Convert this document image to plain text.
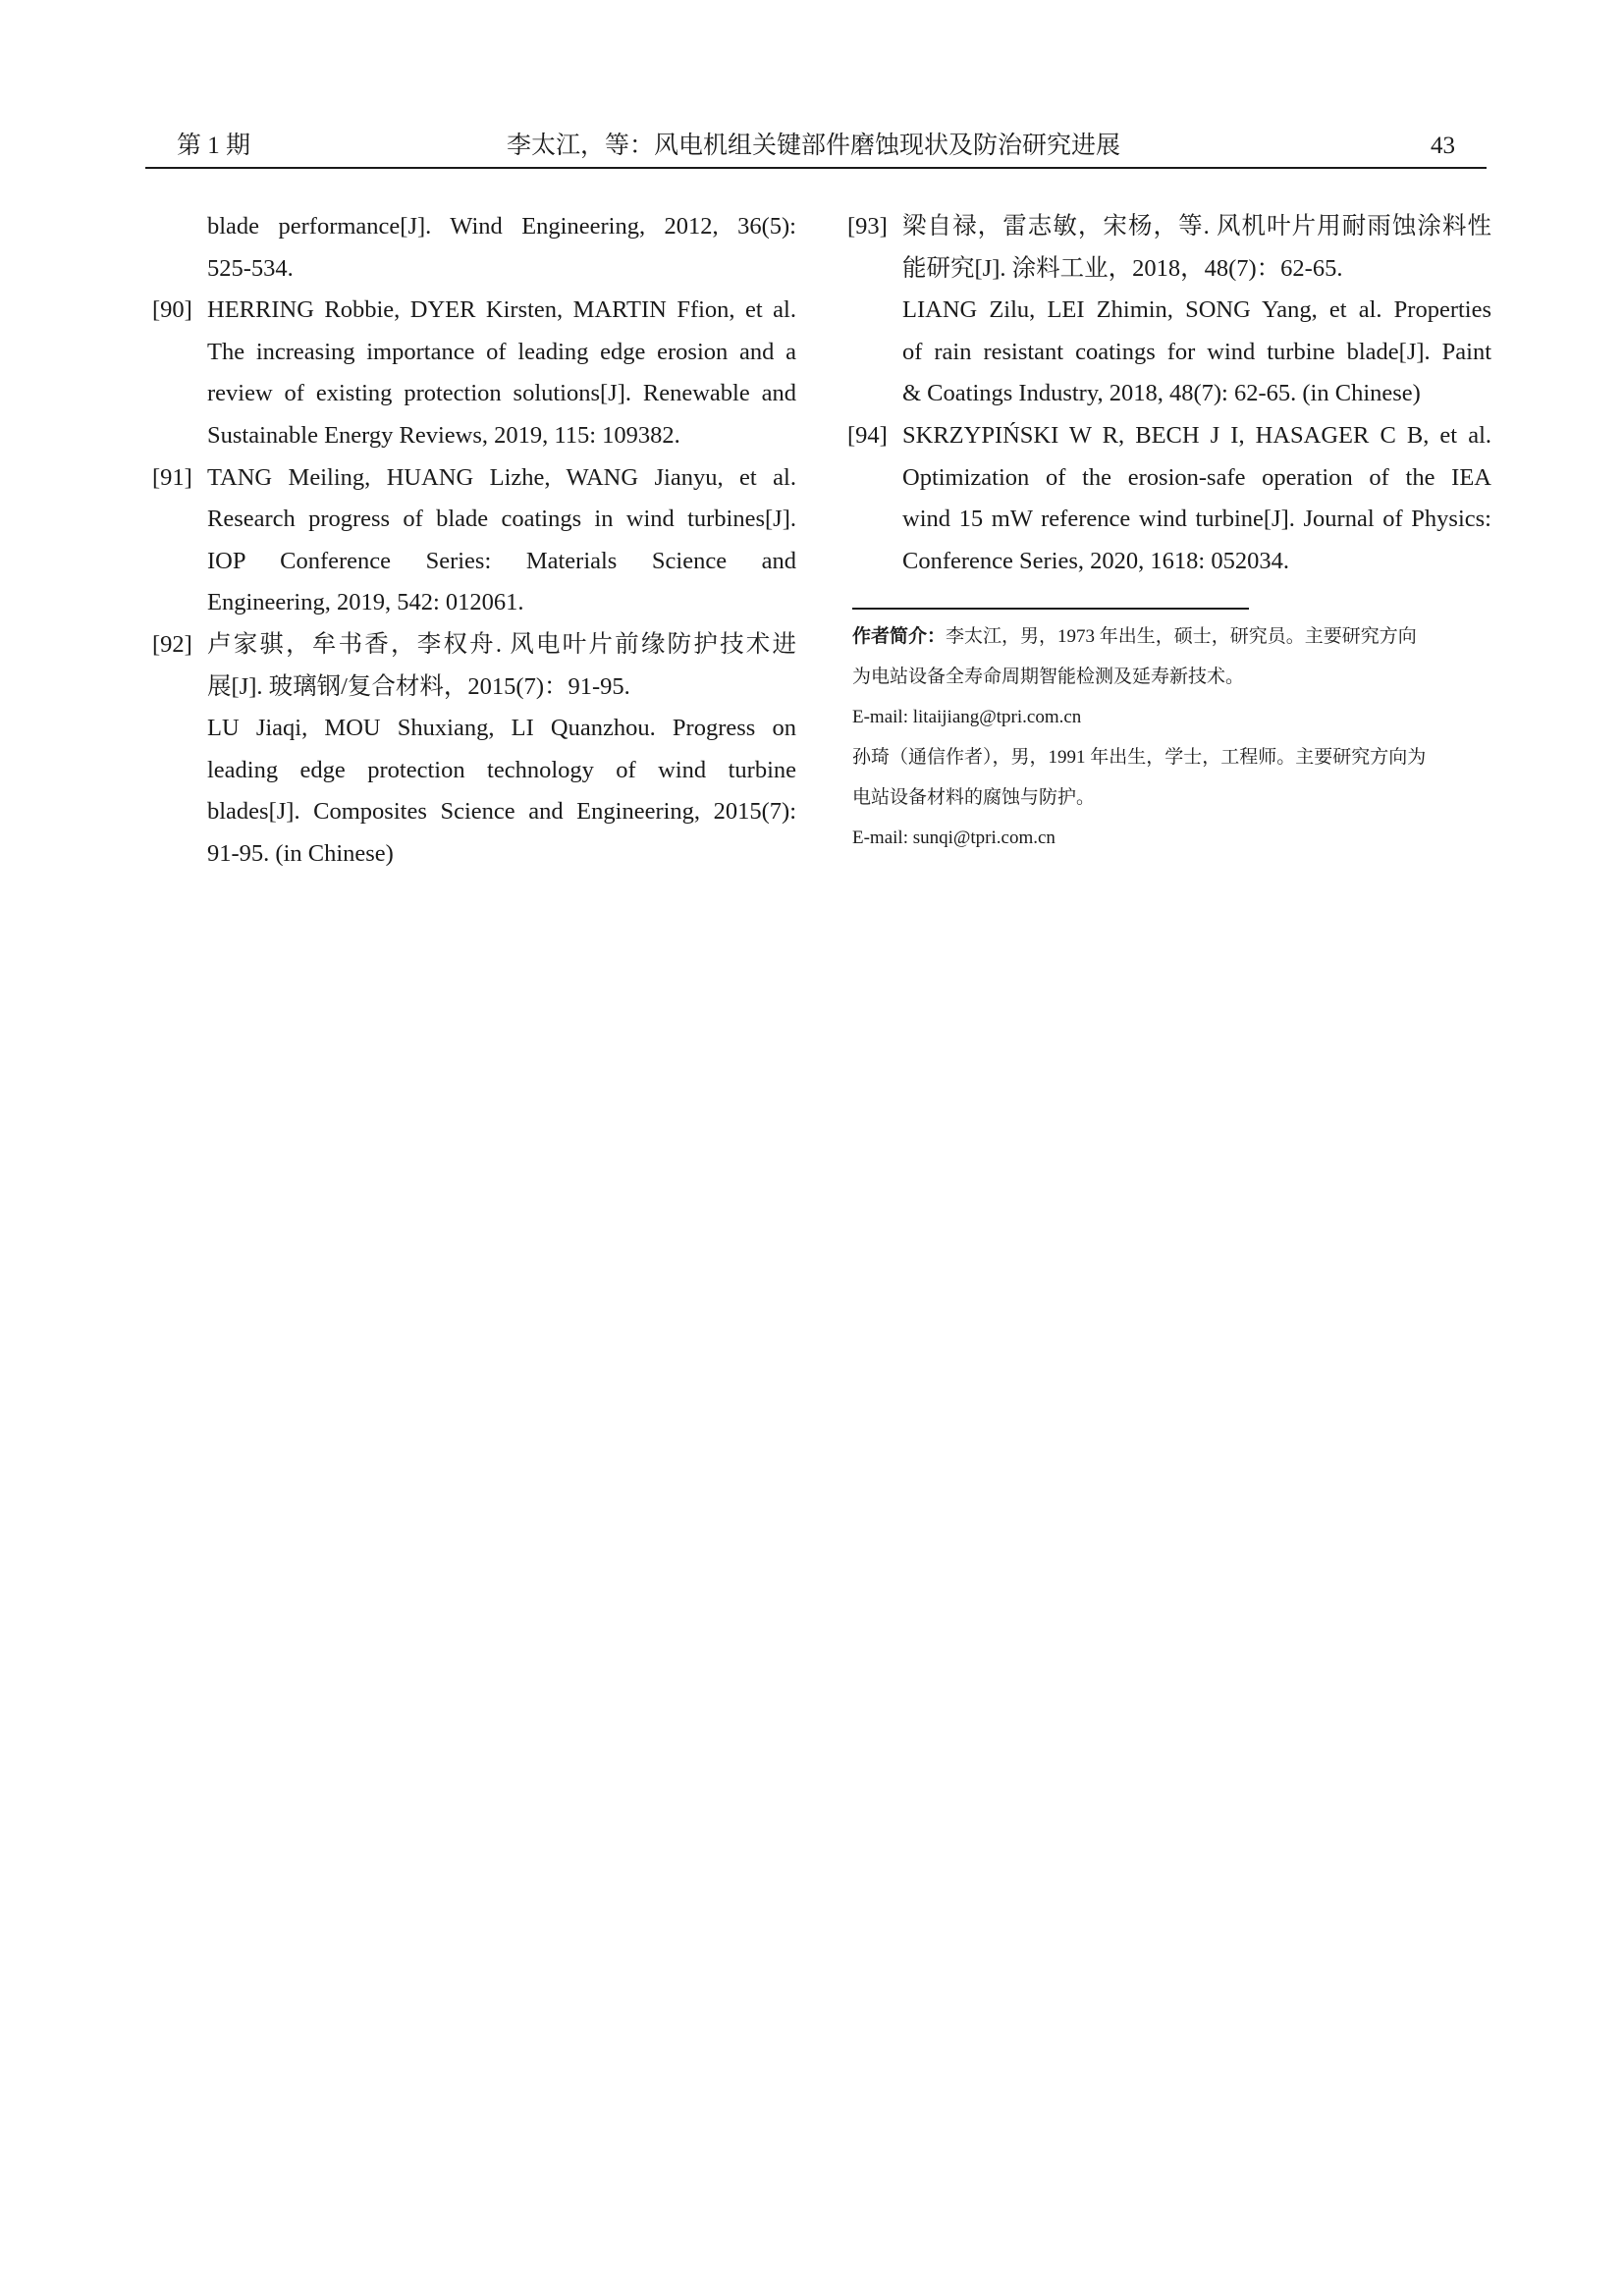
第 1 期	李太江，等：风电机组关键部件磨蚀现状及防治研究进展	43
blade performance[J]. Wind Engineering, 2012, 36(5):
525-534.
[90] HERRING Robbie, DYER Kirsten, MARTIN Ffion, et al.
The increasing importance of leading edge erosion and a
review of existing protection solutions[J]. Renewable and
Sustainable Energy Reviews, 2019, 115: 109382.
[91] TANG Meiling, HUANG Lizhe, WANG Jianyu, et al.
Research progress of blade coatings in wind turbines[J].
IOP Conference Series: Materials Science and
Engineering, 2019, 542: 012061.
[92] 卢家骐，牟书香，李权舟. 风电叶片前缘防护技术进
展[J]. 玻璃钢/复合材料，2015(7)：91-95.
LU Jiaqi, MOU Shuxiang, LI Quanzhou. Progress on
leading edge protection technology of wind turbine
blades[J]. Composites Science and Engineering, 2015(7):
91-95. (in Chinese)
[93] 梁自禄，雷志敏，宋杨，等. 风机叶片用耐雨蚀涂料性
能研究[J]. 涂料工业，2018，48(7)：62-65.
LIANG Zilu, LEI Zhimin, SONG Yang, et al. Properties
of rain resistant coatings for wind turbine blade[J]. Paint
& Coatings Industry, 2018, 48(7): 62-65. (in Chinese)
[94] SKRZYPIŃSKI W R, BECH J I, HASAGER C B, et al.
Optimization of the erosion-safe operation of the IEA
wind 15 mW reference wind turbine[J]. Journal of Physics:
Conference Series, 2020, 1618: 052034.
作者简介：李太江，男，1973 年出生，硕士，研究员。主要研究方向
为电站设备全寿命周期智能检测及延寿新技术。
E-mail: litaijiang@tpri.com.cn
孙琦（通信作者），男，1991 年出生，学士，工程师。主要研究方向为
电站设备材料的腐蚀与防护。
E-mail: sunqi@tpri.com.cn
